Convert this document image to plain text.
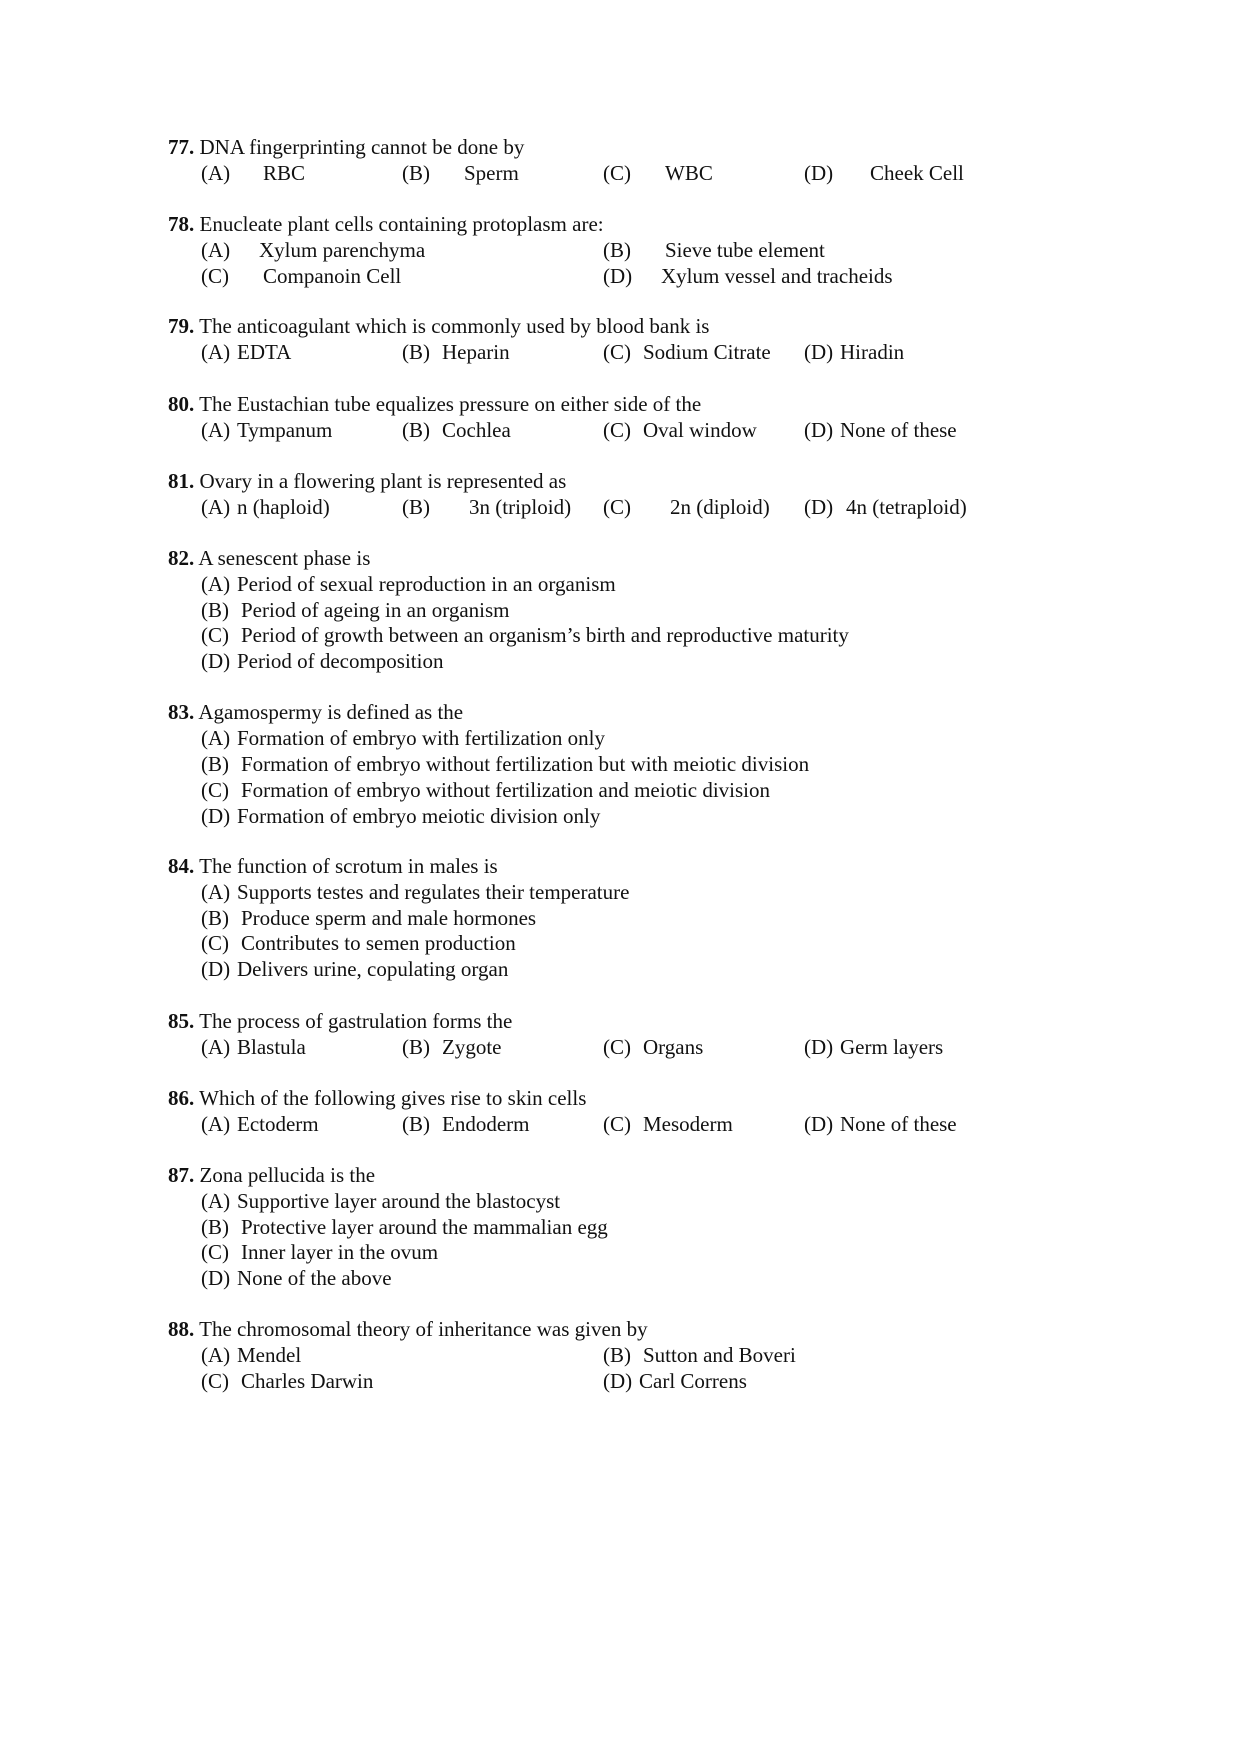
77. DNA fingerprinting cannot be done by
(A) RBC	(B) Sperm	(C) WBC	(D) Cheek Cell
78. Enucleate plant cells containing protoplasm are:
(A) Xylum parenchyma	(B) Sieve tube element
(C) Companoin Cell	(D) Xylum vessel and tracheids
79. The anticoagulant which is commonly used by blood bank is
(A) EDTA	(B) Heparin	(C) Sodium Citrate (D) Hiradin
80. The Eustachian tube equalizes pressure on either side of the
(A) Tympanum	(B) Cochlea	(C) Oval window (D) None of these
81. Ovary in a flowering plant is represented as
(A) n (haploid)	(B) 3n (triploid) (C) 2n (diploid) (D) 4n (tetraploid)
82. A senescent phase is
(A) Period of sexual reproduction in an organism
(B) Period of ageing in an organism
(C) Period of growth between an organism’s birth and reproductive maturity
(D) Period of decomposition
83. Agamospermy is defined as the
(A) Formation of embryo with fertilization only
(B) Formation of embryo without fertilization but with meiotic division
(C) Formation of embryo without fertilization and meiotic division
(D) Formation of embryo meiotic division only
84. The function of scrotum in males is
(A) Supports testes and regulates their temperature
(B) Produce sperm and male hormones
(C) Contributes to semen production
(D) Delivers urine, copulating organ
85. The process of gastrulation forms the
(A) Blastula	(B) Zygote	(C) Organs	(D) Germ layers
86. Which of the following gives rise to skin cells
(A) Ectoderm	(B) Endoderm	(C) Mesoderm	(D) None of these
87. Zona pellucida is the
(A) Supportive layer around the blastocyst
(B) Protective layer around the mammalian egg
(C) Inner layer in the ovum
(D) None of the above
88. The chromosomal theory of inheritance was given by
(A) Mendel	(B) Sutton and Boveri
(C) Charles Darwin	(D) Carl Correns
